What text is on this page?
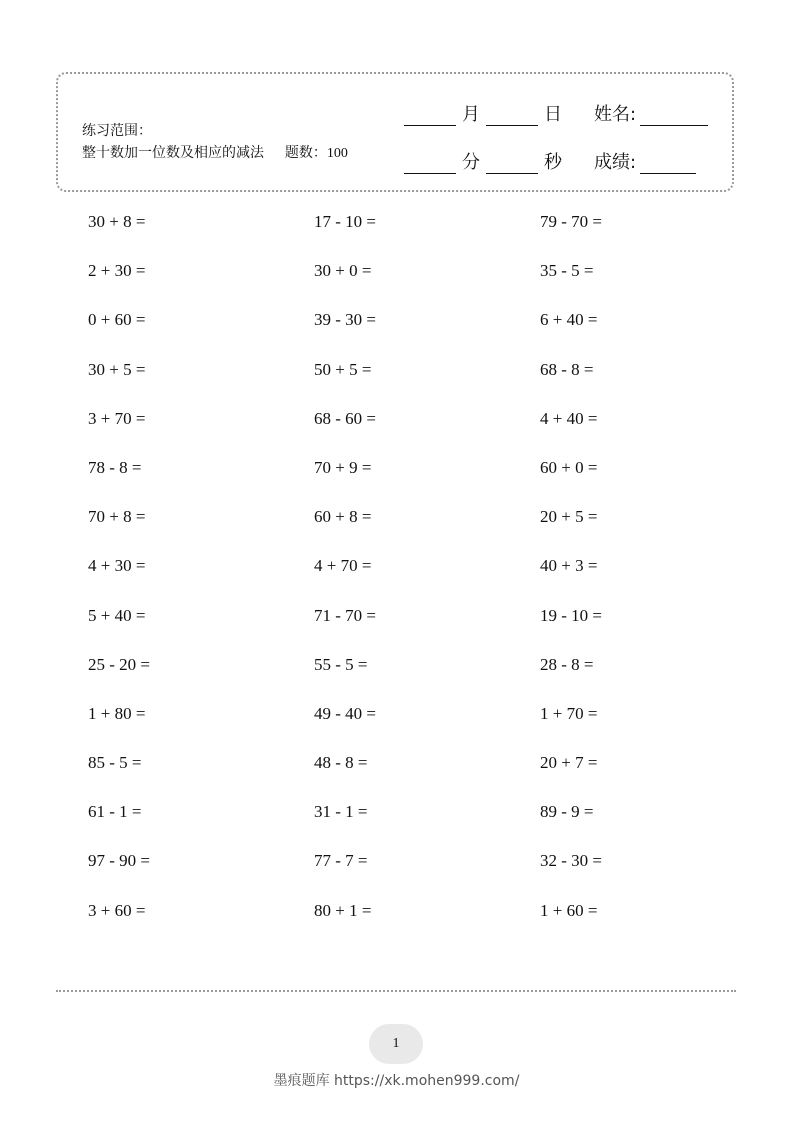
练习范围：
整十数加一位数及相应的减法 题数：100
月	日 姓名:
分	秒 成绩:
30 + 8 =	17 - 10 =	79 - 70 =
2 + 30 =	30 + 0 =	35 - 5 =
0 + 60 =	39 - 30 =	6 + 40 =
30 + 5 =	50 + 5 =	68 - 8 =
3 + 70 =	68 - 60 =	4 + 40 =
78 - 8 =	70 + 9 =	60 + 0 =
70 + 8 =	60 + 8 =	20 + 5 =
4 + 30 =	4 + 70 =	40 + 3 =
5 + 40 =	71 - 70 =	19 - 10 =
25 - 20 =	55 - 5 =	28 - 8 =
1 + 80 =	49 - 40 =	1 + 70 =
85 - 5 =	48 - 8 =	20 + 7 =
61 - 1 =	31 - 1 =	89 - 9 =
97 - 90 =	77 - 7 =	32 - 30 =
3 + 60 =	80 + 1 =	1 + 60 =
1
墨痕题库 https://xk.mohen999.com/
